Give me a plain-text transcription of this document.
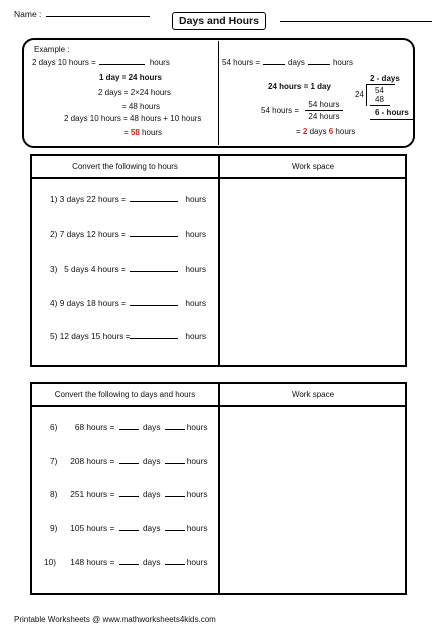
Name :
Days and Hours
Example :
2 days 10 hours =	hours
1 day = 24 hours
2 days = 2×24 hours
= 48 hours
2 days 10 hours = 48 hours + 10 hours
= 58 hours
54 hours =	days	hours
24 hours = 1 day
54 hours =
54 hours
24 hours
= 2 days 6 hours
2 - days
24 54
48
6 - hours
Convert the following to hours	Work space
1) 3 days 22 hours =	hours
2) 7 days 12 hours =	hours
3) 5 days 4 hours =	hours
4) 9 days 18 hours =	hours
5) 12 days 15 hours =	hours
Convert the following to days and hours	Work space
6) 68 hours =	days	hours
7) 208 hours =	days	hours
8) 251 hours =	days	hours
9) 105 hours =	days	hours
10) 148 hours =	days	hours
Printable Worksheets @ www.mathworksheets4kids.com
